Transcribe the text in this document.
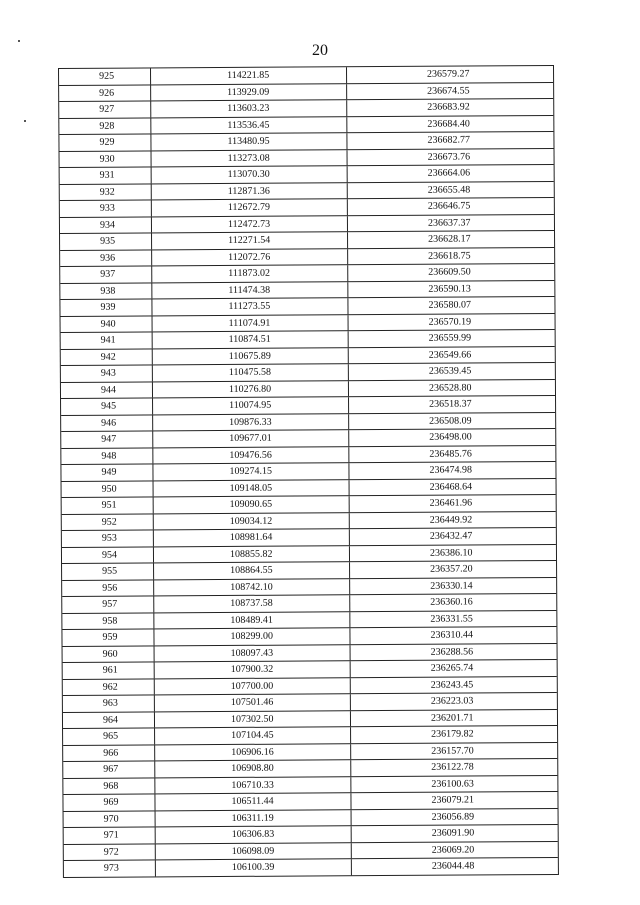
20
925	114221.85	236579.27
926	113929.09	236674.55
927	113603.23	236683.92
928	113536.45	236684.40
929	113480.95	236682.77
930	113273.08	236673.76
931	113070.30	236664.06
932	112871.36	236655.48
933	112672.79	236646.75
934	112472.73	236637.37
935	112271.54	236628.17
936	112072.76	236618.75
937	111873.02	236609.50
938	111474.38	236590.13
939	111273.55	236580.07
940	111074.91	236570.19
941	110874.51	236559.99
942	110675.89	236549.66
943	110475.58	236539.45
944	110276.80	236528.80
945	110074.95	236518.37
946	109876.33	236508.09
947	109677.01	236498.00
948	109476.56	236485.76
949	109274.15	236474.98
950	109148.05	236468.64
951	109090.65	236461.96
952	109034.12	236449.92
953	108981.64	236432.47
954	108855.82	236386.10
955	108864.55	236357.20
956	108742.10	236330.14
957	108737.58	236360.16
958	108489.41	236331.55
959	108299.00	236310.44
960	108097.43	236288.56
961	107900.32	236265.74
962	107700.00	236243.45
963	107501.46	236223.03
964	107302.50	236201.71
965	107104.45	236179.82
966	106906.16	236157.70
967	106908.80	236122.78
968	106710.33	236100.63
969	106511.44	236079.21
970	106311.19	236056.89
971	106306.83	236091.90
972	106098.09	236069.20
973	106100.39	236044.48
